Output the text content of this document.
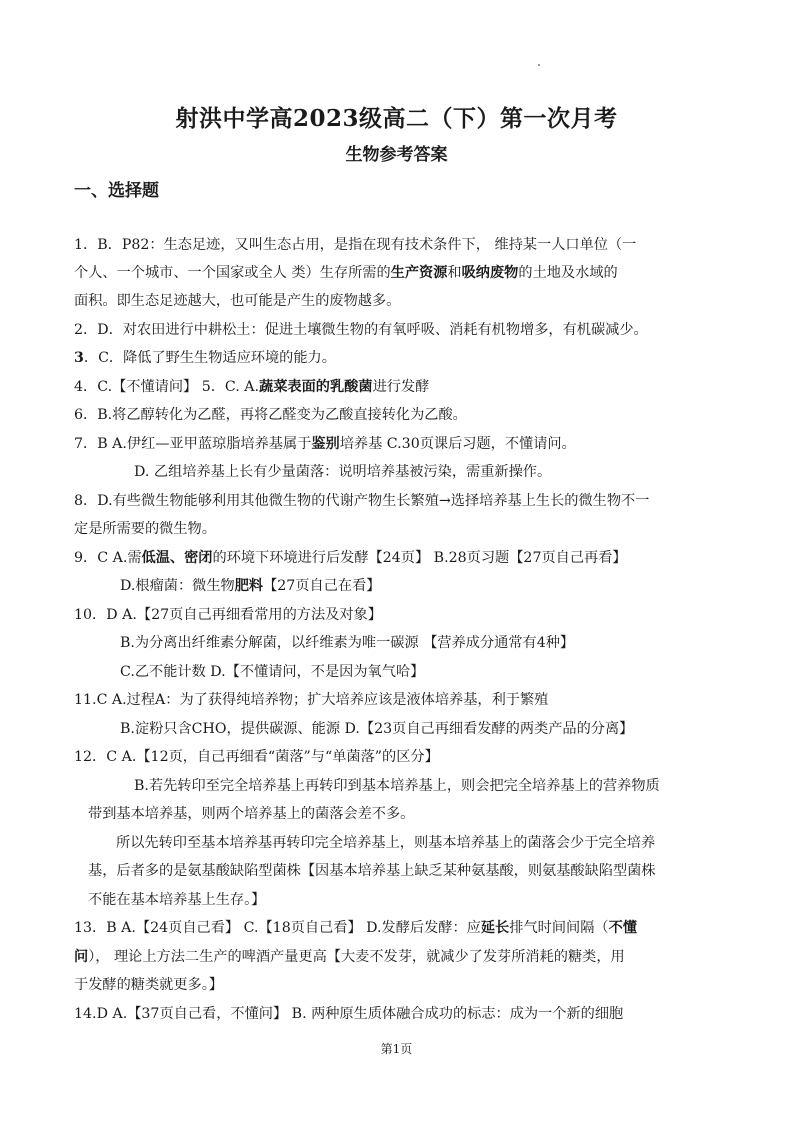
射洪中学高2023级高二（下）第一次月考
生物参考答案
一、选择题
1．B．P82：生态足迹，又叫生态占用，是指在现有技术条件下， 维持某一人口单位（一
个人、一个城市、一个国家或全人 类）生存所需的生产资源和吸纳废物的土地及水域的
面积。即生态足迹越大，也可能是产生的废物越多。
2．D．对农田进行中耕松土：促进土壤微生物的有氧呼吸、消耗有机物增多，有机碳减少。
3．C．降低了野生生物适应环境的能力。
4．C.【不懂请问】 5．C. A.蔬菜表面的乳酸菌进行发酵
6．B.将乙醇转化为乙醛，再将乙醛变为乙酸直接转化为乙酸。
7．B A.伊红—亚甲蓝琼脂培养基属于鉴别培养基 C.30页课后习题，不懂请问。
D. 乙组培养基上长有少量菌落：说明培养基被污染，需重新操作。
8．D.有些微生物能够利用其他微生物的代谢产物生长繁殖→选择培养基上生长的微生物不一
定是所需要的微生物。
9．C A.需低温、密闭的环境下环境进行后发酵【24页】 B.28页习题【27页自己再看】
D.根瘤菌：微生物肥料【27页自己在看】
10．D A.【27页自己再细看常用的方法及对象】
B.为分离出纤维素分解菌，以纤维素为唯一碳源 【营养成分通常有4种】
C.乙不能计数 D.【不懂请问，不是因为氧气哈】
11.C A.过程A：为了获得纯培养物；扩大培养应该是液体培养基，利于繁殖
B.淀粉只含CHO，提供碳源、能源 D.【23页自己再细看发酵的两类产品的分离】
12．C A.【12页，自己再细看“菌落”与“单菌落”的区分】
B.若先转印至完全培养基上再转印到基本培养基上，则会把完全培养基上的营养物质
带到基本培养基，则两个培养基上的菌落会差不多。
所以先转印至基本培养基再转印完全培养基上，则基本培养基上的菌落会少于完全培养
基，后者多的是氨基酸缺陷型菌株【因基本培养基上缺乏某种氨基酸，则氨基酸缺陷型菌株
不能在基本培养基上生存。】
13．B A.【24页自己看】 C.【18页自己看】 D.发酵后发酵：应延长排气时间间隔（不懂
问）， 理论上方法二生产的啤酒产量更高【大麦不发芽，就减少了发芽所消耗的糖类，用
于发酵的糖类就更多。】
14.D A.【37页自己看，不懂问】 B. 两种原生质体融合成功的标志：成为一个新的细胞
第1页
